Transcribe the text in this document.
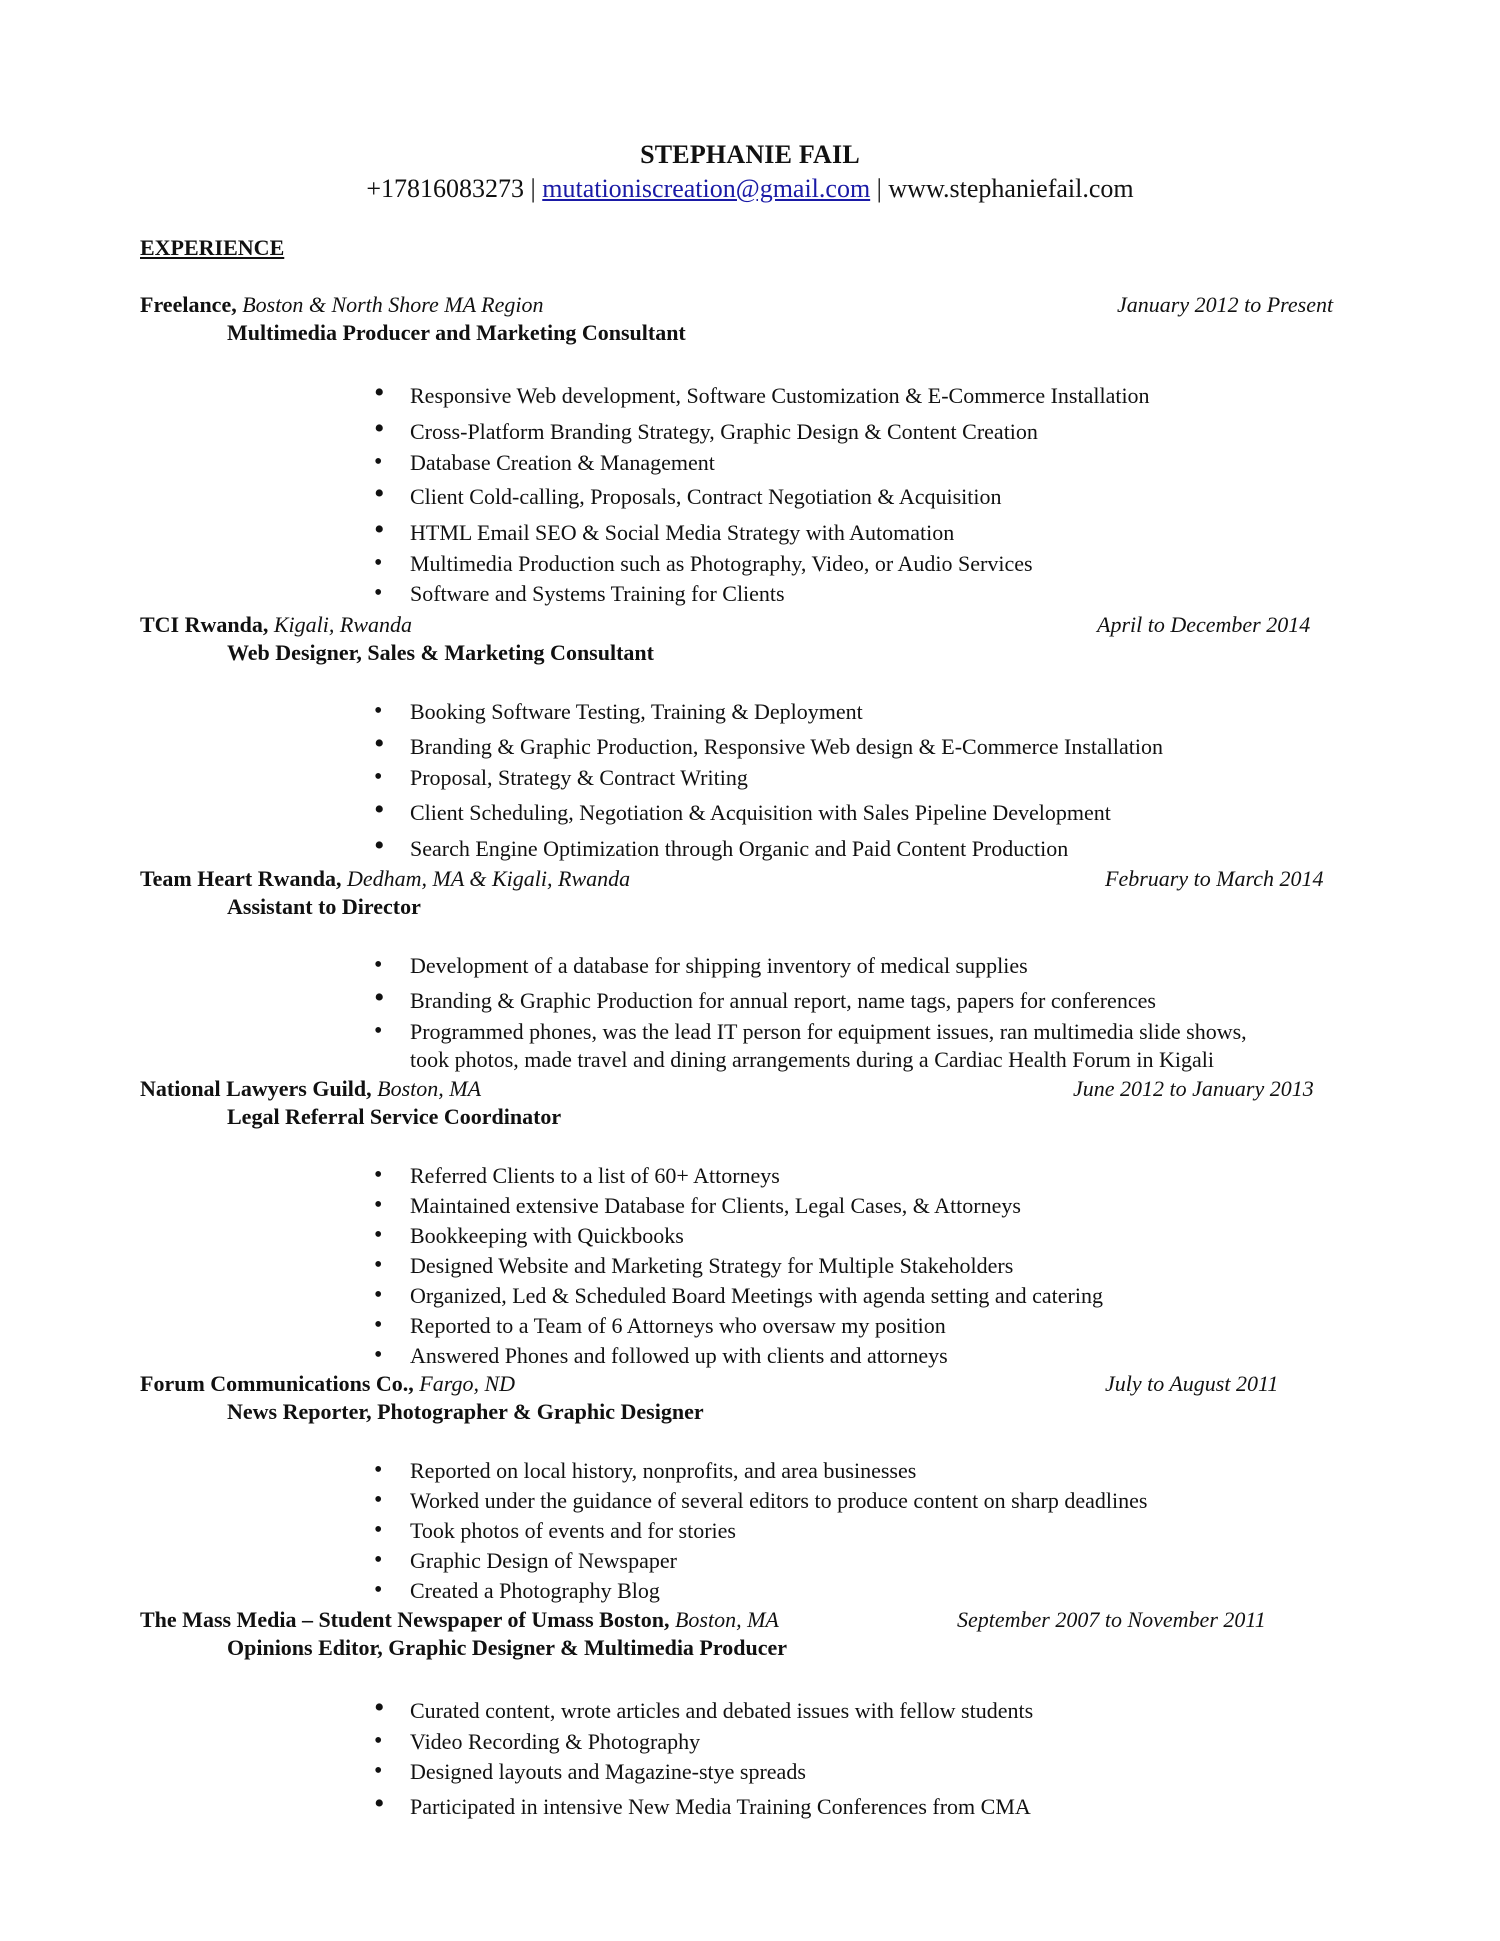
STEPHANIE FAIL
+17816083273 | mutationiscreation@gmail.com | www.stephaniefail.com
EXPERIENCE
Freelance, Boston & North Shore MA Region	January 2012 to Present
Multimedia Producer and Marketing Consultant
• Responsive Web development, Software Customization & E-Commerce Installation
• Cross-Platform Branding Strategy, Graphic Design & Content Creation
• Database Creation & Management
• Client Cold-calling, Proposals, Contract Negotiation & Acquisition
• HTML Email SEO & Social Media Strategy with Automation
• Multimedia Production such as Photography, Video, or Audio Services
• Software and Systems Training for Clients
TCI Rwanda, Kigali, Rwanda	April to December 2014
Web Designer, Sales & Marketing Consultant
• Booking Software Testing, Training & Deployment
• Branding & Graphic Production, Responsive Web design & E-Commerce Installation
• Proposal, Strategy & Contract Writing
• Client Scheduling, Negotiation & Acquisition with Sales Pipeline Development
• Search Engine Optimization through Organic and Paid Content Production
Team Heart Rwanda, Dedham, MA & Kigali, Rwanda	February to March 2014
Assistant to Director
• Development of a database for shipping inventory of medical supplies
• Branding & Graphic Production for annual report, name tags, papers for conferences
• Programmed phones, was the lead IT person for equipment issues, ran multimedia slide shows,
took photos, made travel and dining arrangements during a Cardiac Health Forum in Kigali
National Lawyers Guild, Boston, MA	June 2012 to January 2013
Legal Referral Service Coordinator
• Referred Clients to a list of 60+ Attorneys
• Maintained extensive Database for Clients, Legal Cases, & Attorneys
• Bookkeeping with Quickbooks
• Designed Website and Marketing Strategy for Multiple Stakeholders
• Organized, Led & Scheduled Board Meetings with agenda setting and catering
• Reported to a Team of 6 Attorneys who oversaw my position
• Answered Phones and followed up with clients and attorneys
Forum Communications Co., Fargo, ND	July to August 2011
News Reporter, Photographer & Graphic Designer
• Reported on local history, nonprofits, and area businesses
• Worked under the guidance of several editors to produce content on sharp deadlines
• Took photos of events and for stories
• Graphic Design of Newspaper
• Created a Photography Blog
The Mass Media – Student Newspaper of Umass Boston, Boston, MA	September 2007 to November 2011
Opinions Editor, Graphic Designer & Multimedia Producer
• Curated content, wrote articles and debated issues with fellow students
• Video Recording & Photography
• Designed layouts and Magazine-stye spreads
• Participated in intensive New Media Training Conferences from CMA
